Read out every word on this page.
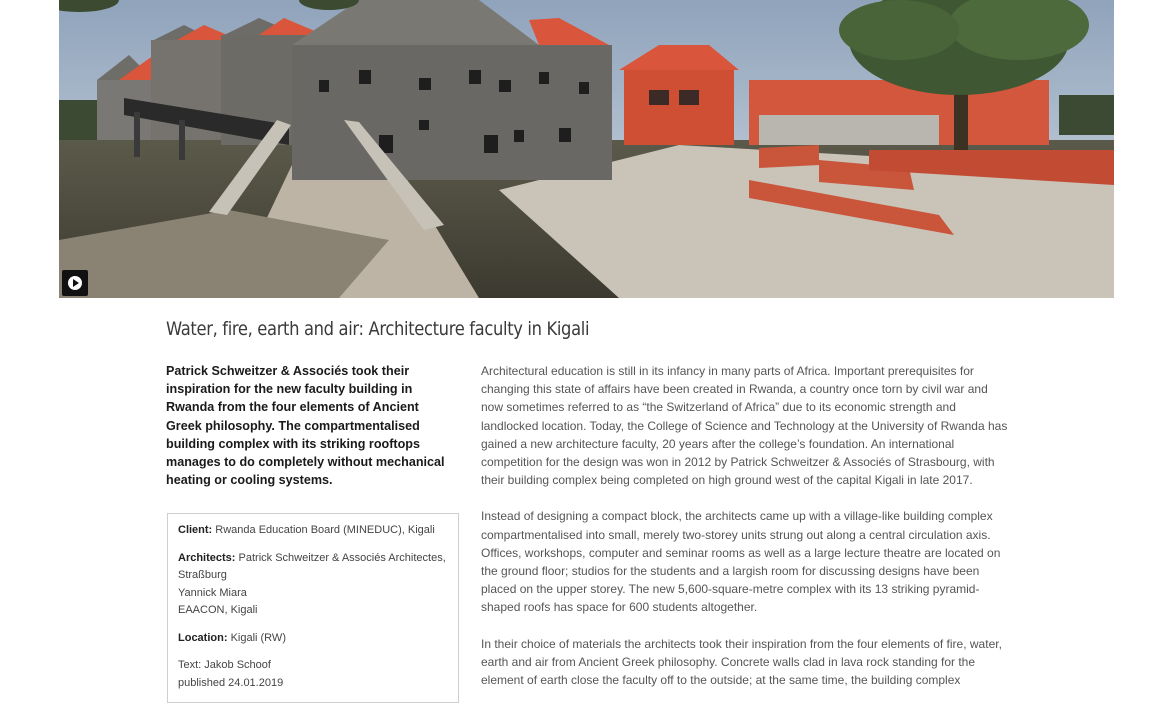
Water, fire, earth and air: Architecture faculty in Kigali
Patrick Schweitzer & Associés took their inspiration for the new faculty building in Rwanda from the four elements of Ancient Greek philosophy. The compartmentalised building complex with its striking rooftops manages to do completely without mechanical heating or cooling systems.
Client: Rwanda Education Board (MINEDUC), Kigali
Architects: Patrick Schweitzer & Associés Architectes, Straßburg
Yannick Miara
EAACON, Kigali
Location: Kigali (RW)
Text: Jakob Schoof
published 24.01.2019

Architectural education is still in its infancy in many parts of Africa. Important prerequisites for changing this state of affairs have been created in Rwanda, a country once torn by civil war and now sometimes referred to as “the Switzerland of Africa” due to its economic strength and landlocked location. Today, the College of Science and Technology at the University of Rwanda has gained a new architecture faculty, 20 years after the college’s foundation. An international competition for the design was won in 2012 by Patrick Schweitzer & Associés of Strasbourg, with their building complex being completed on high ground west of the capital Kigali in late 2017.

Instead of designing a compact block, the architects came up with a village-like building complex compartmentalised into small, merely two-storey units strung out along a central circulation axis. Offices, workshops, computer and seminar rooms as well as a large lecture theatre are located on the ground floor; studios for the students and a largish room for discussing designs have been placed on the upper storey. The new 5,600-square-metre complex with its 13 striking pyramid-shaped roofs has space for 600 students altogether.

In their choice of materials the architects took their inspiration from the four elements of fire, water, earth and air from Ancient Greek philosophy. Concrete walls clad in lava rock standing for the element of earth close the faculty off to the outside; at the same time, the building complex
